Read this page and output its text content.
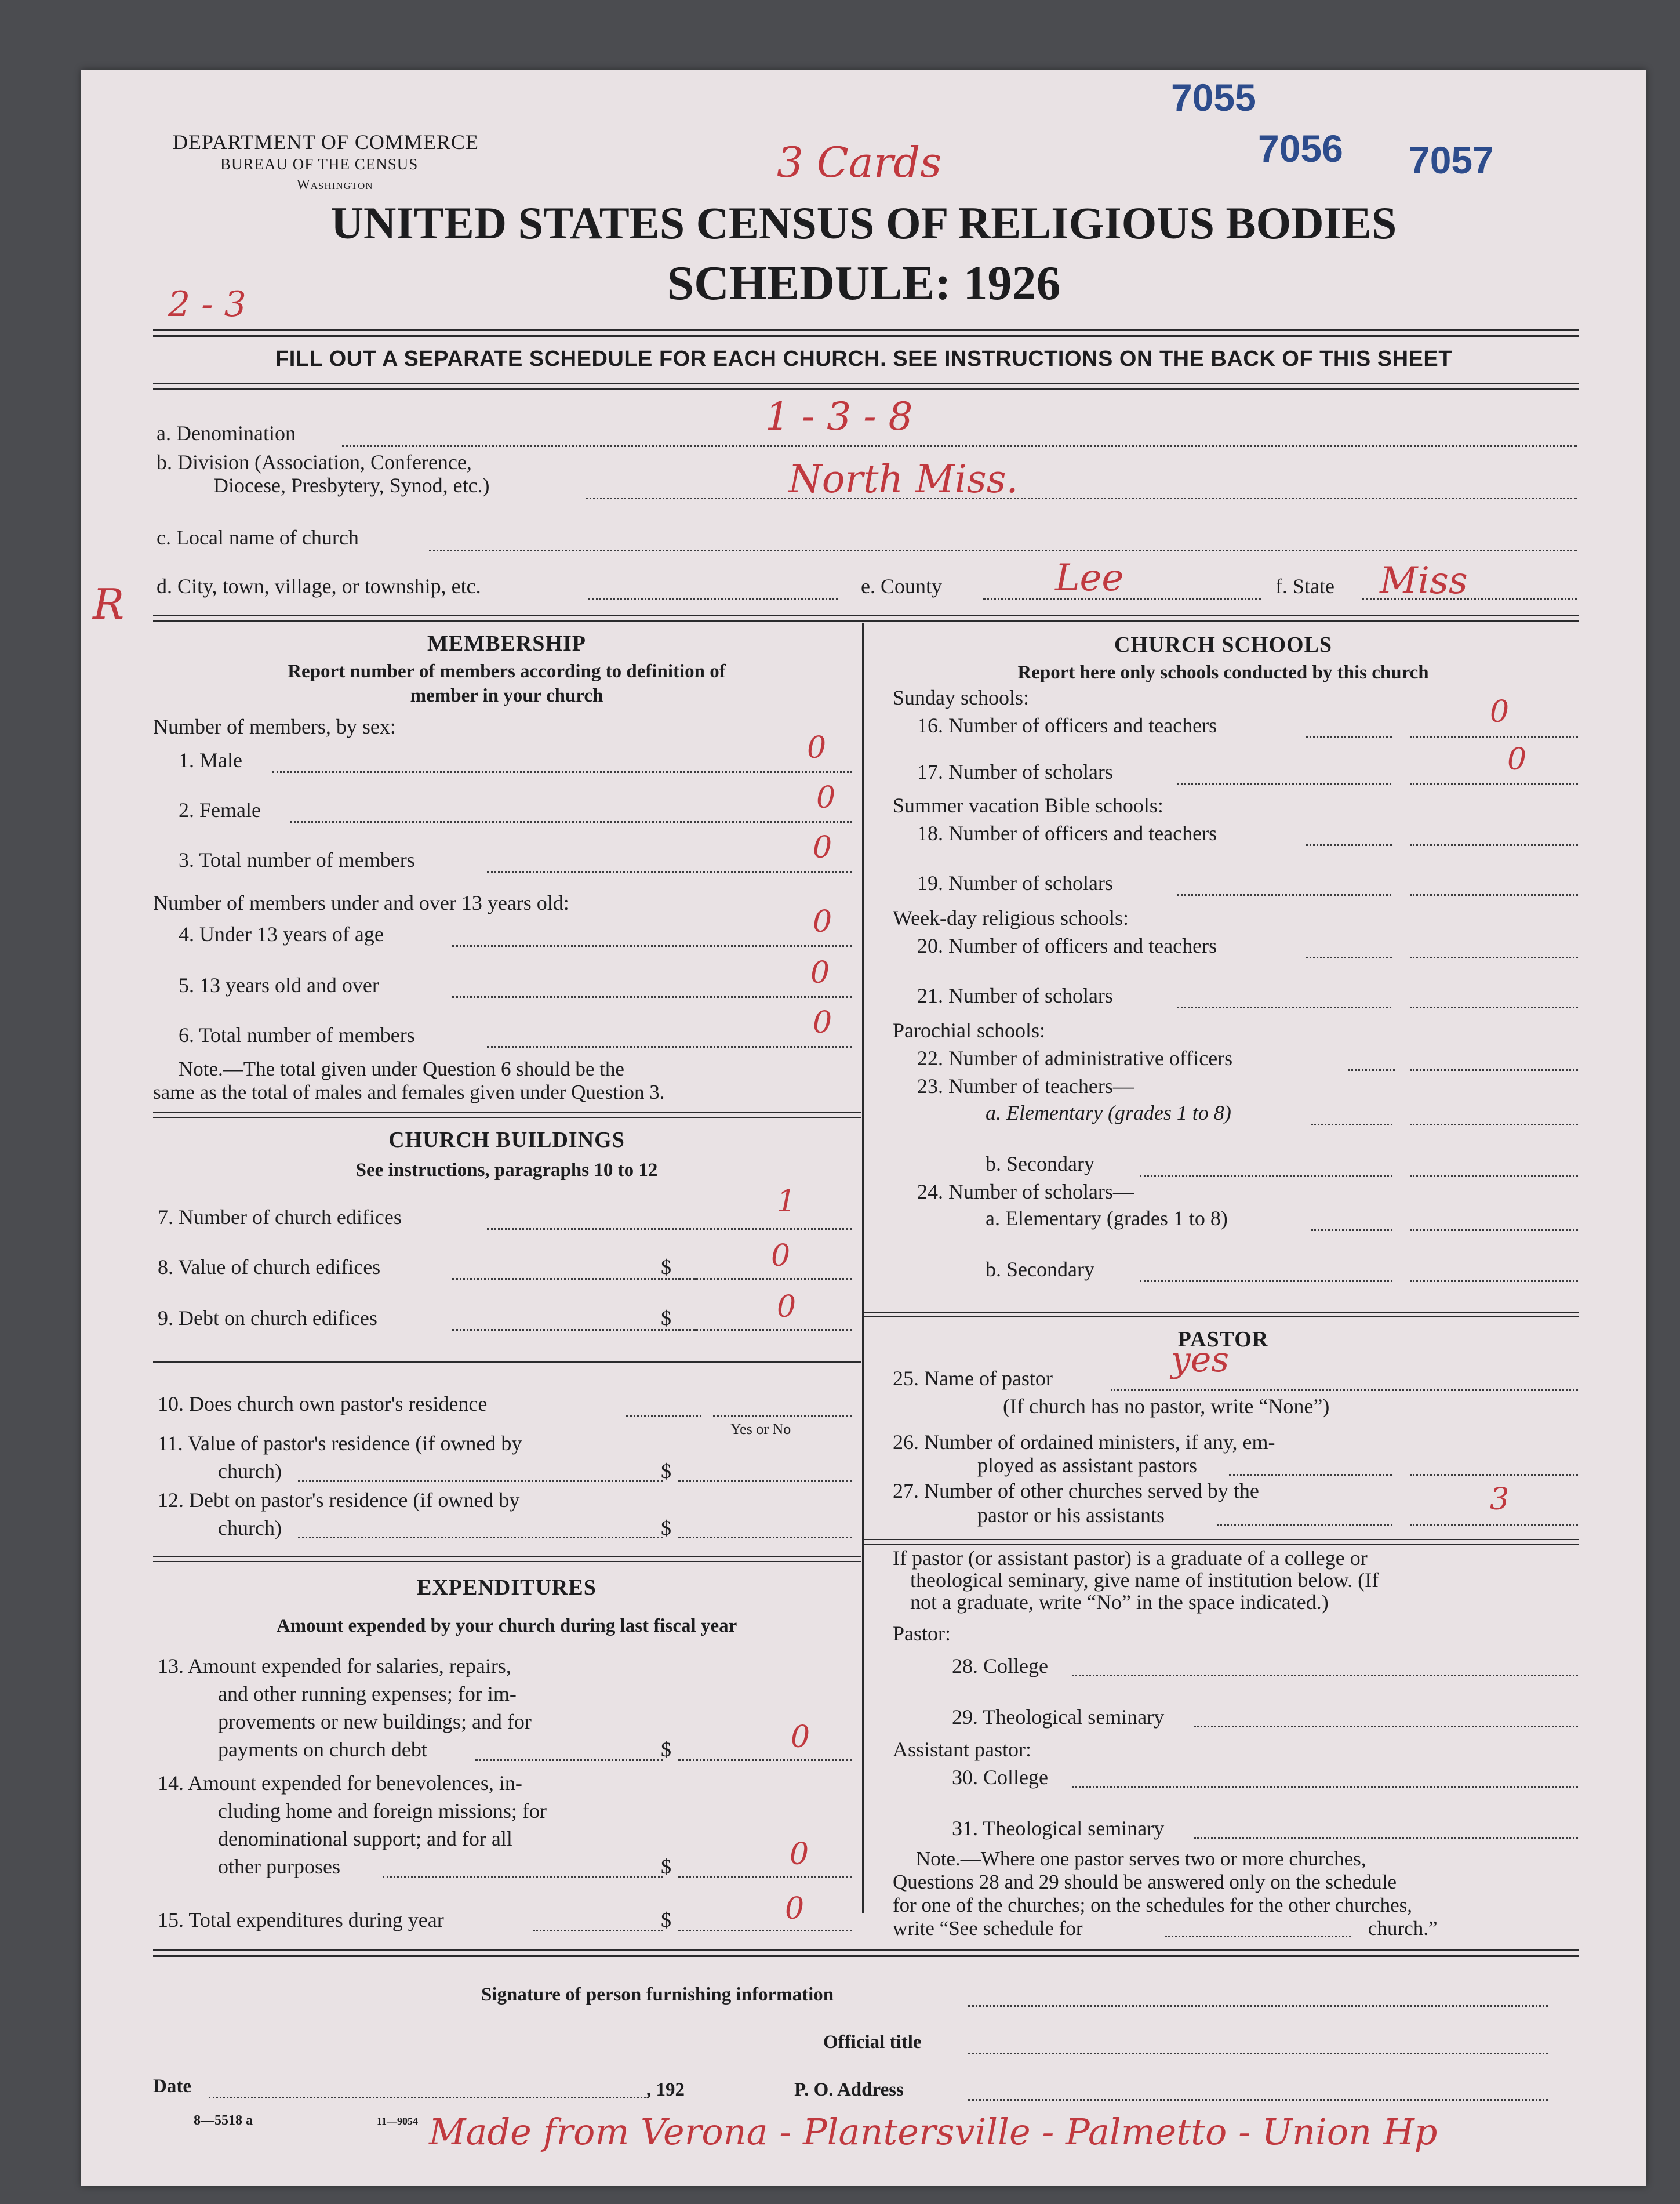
7055
7056 7057
DEPARTMENT OF COMMERCE
BUREAU OF THE CENSUS
Washington	3 Cards
UNITED STATES CENSUS OF RELIGIOUS BODIES
SCHEDULE: 1926
2 - 3
FILL OUT A SEPARATE SCHEDULE FOR EACH CHURCH. SEE INSTRUCTIONS ON THE BACK OF THIS SHEET
a. Denomination	1 - 3 - 8
b. Division (Association, Conference,
Diocese, Presbytery, Synod, etc.)	North Miss.
c. Local name of church
R d. City, town, village, or township, etc.	e. County	Lee	f. State Miss
MEMBERSHIP
Report number of members according to definition of
member in your church
Number of members, by sex:
1. Male	0
2. Female	0
3. Total number of members	0
Number of members under and over 13 years old:
4. Under 13 years of age	0
5. 13 years old and over	0
6. Total number of members	0
Note.—The total given under Question 6 should be the
same as the total of males and females given under Question 3.
CHURCH BUILDINGS
See instructions, paragraphs 10 to 12
7. Number of church edifices	1
8. Value of church edifices	$	0
9. Debt on church edifices	$	0
10. Does church own pastor's residence
Yes or No
11. Value of pastor's residence (if owned by
church)	$
12. Debt on pastor's residence (if owned by
church)	$
EXPENDITURES
Amount expended by your church during last fiscal year
13. Amount expended for salaries, repairs,
and other running expenses; for im-
provements or new buildings; and for
payments on church debt	$	0
14. Amount expended for benevolences, in-
cluding home and foreign missions; for
denominational support; and for all
other purposes	$	0
15. Total expenditures during year	$	0
CHURCH SCHOOLS
Report here only schools conducted by this church
Sunday schools:
16. Number of officers and teachers	0
17. Number of scholars	0
Summer vacation Bible schools:
18. Number of officers and teachers
19. Number of scholars
Week-day religious schools:
20. Number of officers and teachers
21. Number of scholars
Parochial schools:
22. Number of administrative officers
23. Number of teachers—
a. Elementary (grades 1 to 8)
b. Secondary
24. Number of scholars—
a. Elementary (grades 1 to 8)
b. Secondary
PASTOR
25. Name of pastor	yes
(If church has no pastor, write “None”)
26. Number of ordained ministers, if any, em-
ployed as assistant pastors
27. Number of other churches served by the
pastor or his assistants	3
If pastor (or assistant pastor) is a graduate of a college or
theological seminary, give name of institution below. (If
not a graduate, write “No” in the space indicated.)
Pastor:
28. College
29. Theological seminary
Assistant pastor:
30. College
31. Theological seminary
Note.—Where one pastor serves two or more churches,
Questions 28 and 29 should be answered only on the schedule
for one of the churches; on the schedules for the other churches,
write “See schedule for	church.”
Signature of person furnishing information
Official title
Date	, 192	P. O. Address
8—5518 a	11—9054 Made from Verona - Plantersville - Palmetto - Union Hp
